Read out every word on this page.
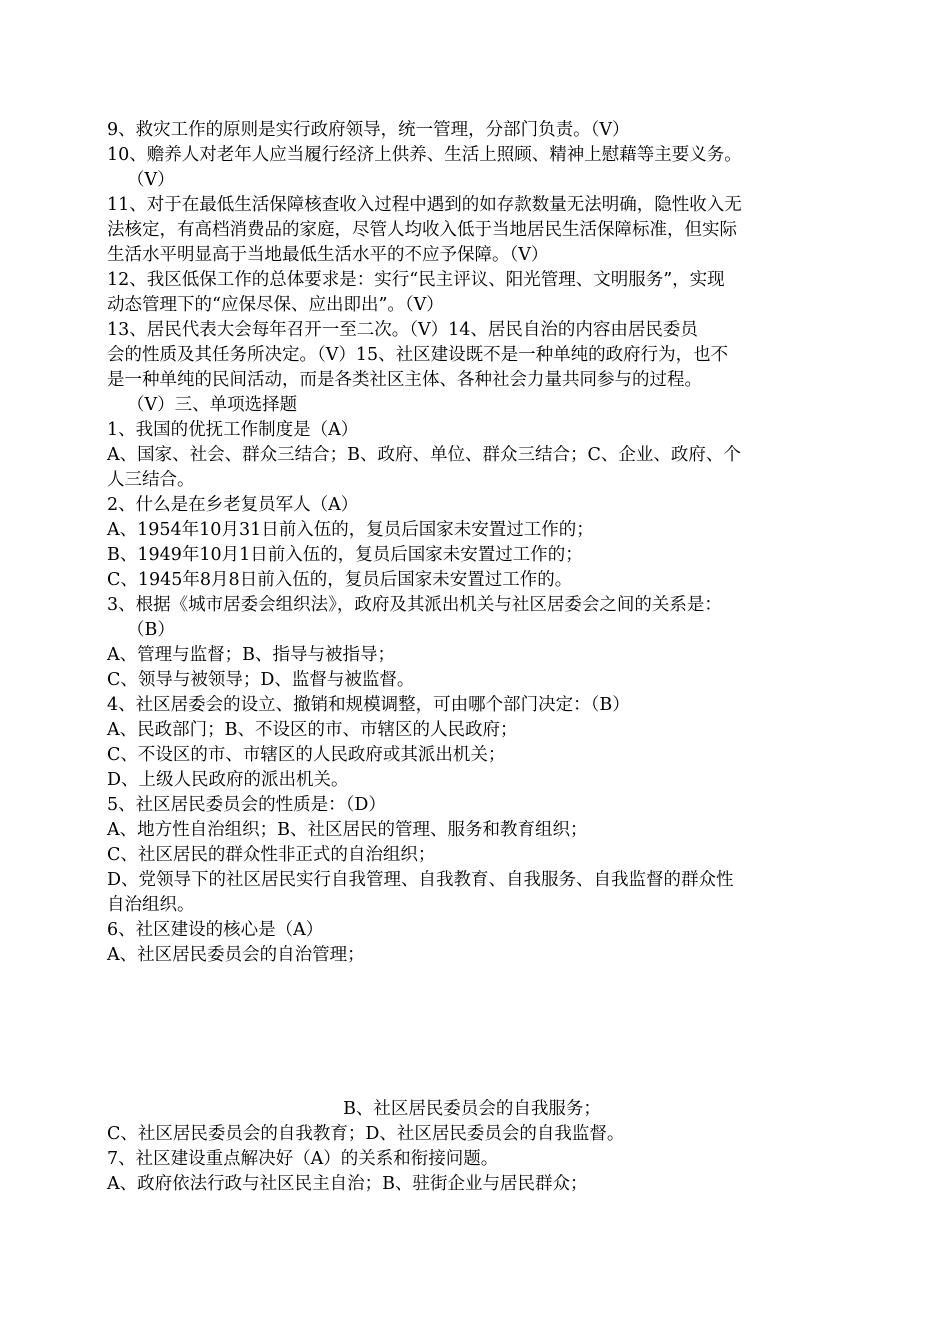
9、救灾工作的原则是实行政府领导，统一管理，分部门负责。（V）
10、赡养人对老年人应当履行经济上供养、生活上照顾、精神上慰藉等主要义务。
（V）
11、对于在最低生活保障核查收入过程中遇到的如存款数量无法明确，隐性收入无
法核定，有高档消费品的家庭，尽管人均收入低于当地居民生活保障标准，但实际
生活水平明显高于当地最低生活水平的不应予保障。（V）
12、我区低保工作的总体要求是：实行“民主评议、阳光管理、文明服务”，实现
动态管理下的“应保尽保、应出即出”。（V）
13、居民代表大会每年召开一至二次。（V）14、居民自治的内容由居民委员
会的性质及其任务所决定。（V）15、社区建设既不是一种单纯的政府行为，也不
是一种单纯的民间活动，而是各类社区主体、各种社会力量共同参与的过程。
（V）三、单项选择题
1、我国的优抚工作制度是（A）
A、国家、社会、群众三结合；B、政府、单位、群众三结合；C、企业、政府、个
人三结合。
2、什么是在乡老复员军人（A）
A、1954年10月31日前入伍的，复员后国家未安置过工作的；
B、1949年10月1日前入伍的，复员后国家未安置过工作的；
C、1945年8月8日前入伍的，复员后国家未安置过工作的。
3、根据《城市居委会组织法》，政府及其派出机关与社区居委会之间的关系是：
（B）
A、管理与监督；B、指导与被指导；
C、领导与被领导；D、监督与被监督。
4、社区居委会的设立、撤销和规模调整，可由哪个部门决定：（B）
A、民政部门；B、不设区的市、市辖区的人民政府；
C、不设区的市、市辖区的人民政府或其派出机关；
D、上级人民政府的派出机关。
5、社区居民委员会的性质是：（D）
A、地方性自治组织；B、社区居民的管理、服务和教育组织；
C、社区居民的群众性非正式的自治组织；
D、党领导下的社区居民实行自我管理、自我教育、自我服务、自我监督的群众性
自治组织。
6、社区建设的核心是（A）
A、社区居民委员会的自治管理；
B、社区居民委员会的自我服务；
C、社区居民委员会的自我教育；D、社区居民委员会的自我监督。
7、社区建设重点解决好（A）的关系和衔接问题。
A、政府依法行政与社区民主自治；B、驻街企业与居民群众；
